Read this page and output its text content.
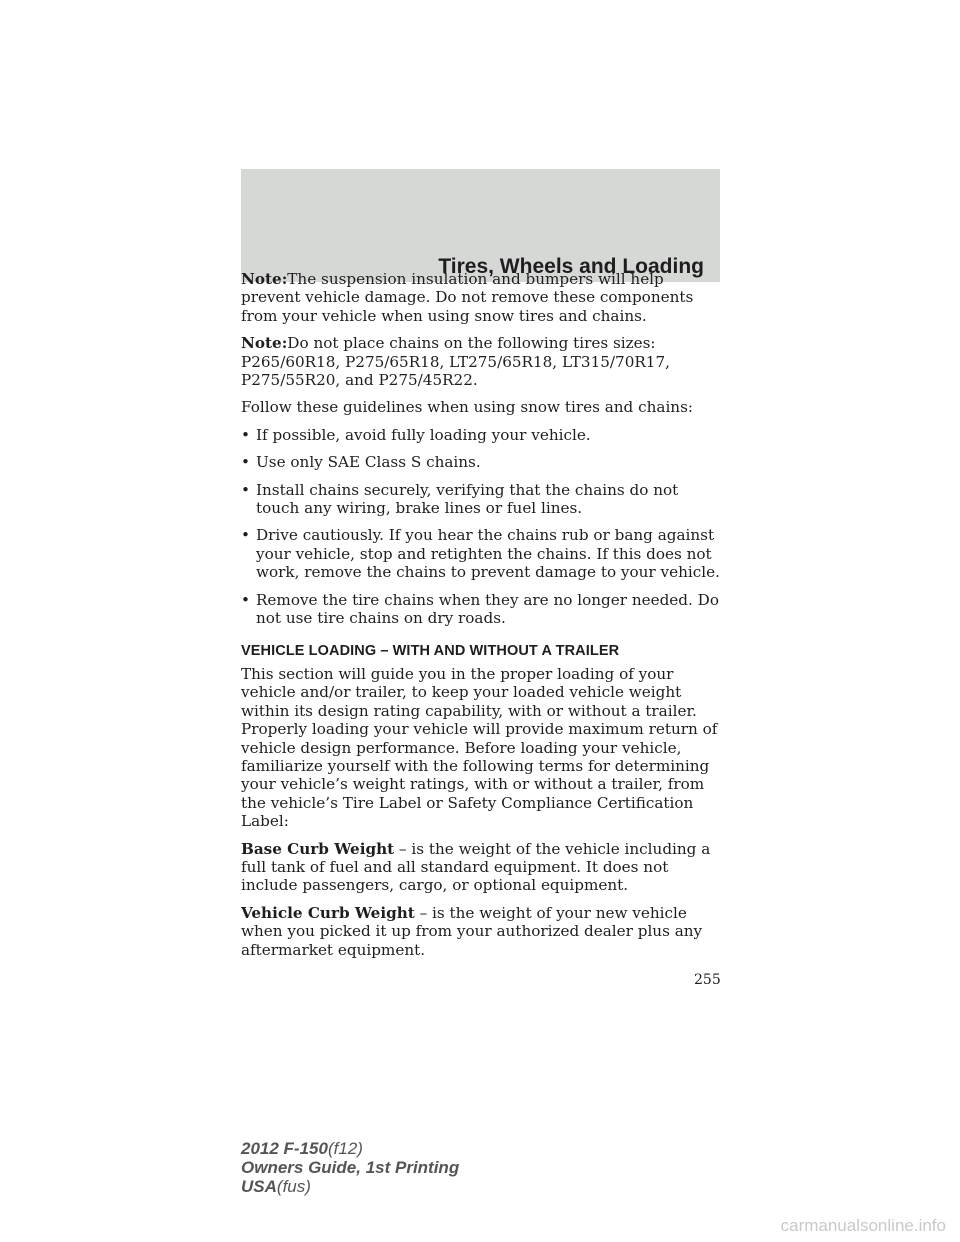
Tires, Wheels and Loading

Note:The suspension insulation and bumpers will help prevent vehicle damage. Do not remove these components from your vehicle when using snow tires and chains.

Note:Do not place chains on the following tires sizes: P265/60R18, P275/65R18, LT275/65R18, LT315/70R17, P275/55R20, and P275/45R22.

Follow these guidelines when using snow tires and chains:

• If possible, avoid fully loading your vehicle.
• Use only SAE Class S chains.
• Install chains securely, verifying that the chains do not touch any wiring, brake lines or fuel lines.
• Drive cautiously. If you hear the chains rub or bang against your vehicle, stop and retighten the chains. If this does not work, remove the chains to prevent damage to your vehicle.
• Remove the tire chains when they are no longer needed. Do not use tire chains on dry roads.
VEHICLE LOADING – WITH AND WITHOUT A TRAILER

This section will guide you in the proper loading of your vehicle and/or trailer, to keep your loaded vehicle weight within its design rating capability, with or without a trailer. Properly loading your vehicle will provide maximum return of vehicle design performance. Before loading your vehicle, familiarize yourself with the following terms for determining your vehicle’s weight ratings, with or without a trailer, from the vehicle’s Tire Label or Safety Compliance Certification Label:

Base Curb Weight – is the weight of the vehicle including a full tank of fuel and all standard equipment. It does not include passengers, cargo, or optional equipment.

Vehicle Curb Weight – is the weight of your new vehicle when you picked it up from your authorized dealer plus any aftermarket equipment.

255
2012 F-150(f12)
Owners Guide, 1st Printing
USA(fus)
carmanualsonline.info
